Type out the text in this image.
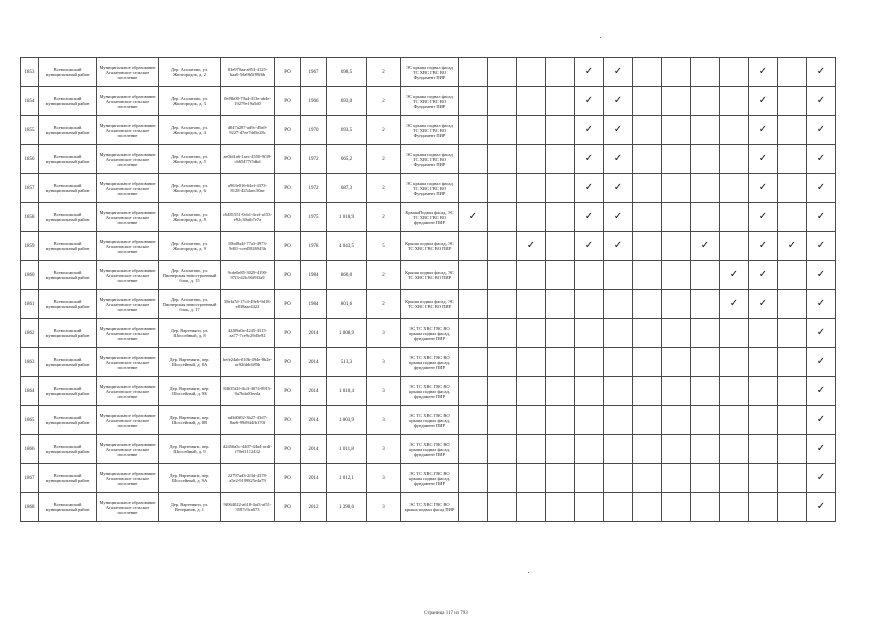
1853	Всеволожский муниципальный район	Муниципальное образование Агалатовское сельское поселение	Дер. Агалатово, ул. Жилгородок, д. 2	83e979aa-a853-4125-baa6-5da9b5f89f6b	РО	1967	698,5	2	ЭС крыша подвал фасад ТС ХВС ГВС ВО Фундамент ПИР					✓	✓					✓		✓
1854	Всеволожский муниципальный район	Муниципальное образование Агалатовское сельское поселение	Дер. Агалатово, ул. Жилгородок, д. 3	0ef9b00-79a4-413e-ab4e-19279e19a5d0	РО	1966	693,0	2	ЭС крыша подвал фасад ТС ХВС ГВС ВО Фундамент ПИР					✓	✓					✓		✓
1855	Всеволожский муниципальный район	Муниципальное образование Агалатовское сельское поселение	Дер. Агалатово, ул. Жилгородок, д. 4	d047a287-ad9c-49a9-9227-d7ee7dd5e28c	РО	1970	693,5	2	ЭС крыша подвал фасад ТС ХВС ГВС ВО Фундамент ПИР					✓	✓					✓		✓
1856	Всеволожский муниципальный район	Муниципальное образование Агалатовское сельское поселение	Дер. Агалатово, ул. Жилгородок, д. 5	ae0fd1a6-1aec-4550-9f39-cb65477f5dbd	РО	1972	665,2	2	ЭС крыша подвал фасад ТС ХВС ГВС ВО Фундамент ПИР					✓	✓					✓		✓
1857	Всеволожский муниципальный район	Муниципальное образование Агалатовское сельское поселение	Дер. Агалатово, ул. Жилгородок, д. 6	a963e016-64ef-4373-8128-4254aec50ae	РО	1972	687,3	2	ЭС крыша подвал фасад ТС ХВС ГВС ВО Фундамент ПИР					✓	✓					✓		✓
1858	Всеволожский муниципальный район	Муниципальное образование Агалатовское сельское поселение	Дер. Агалатово, ул. Жилгородок, д. 8	c6481551-0cb1-4cef-a153-e92c30afb7e7a	РО	1975	1 018,9	2	КрышаПодвал фасад, ЭС ТС ХВС ГВС ВО фундамент ПИР	✓				✓	✓					✓		✓
1859	Всеволожский муниципальный район	Муниципальное образование Агалатовское сельское поселение	Дер. Агалатово, ул. Жилгородок, д. 9	10bd9a4f-77a3-4973-9d01-cced5826943b	РО	1978	4 043,5	5	Крыша подвал фасад, ЭС ТС ХВС ГВС ВО ПИР			✓		✓	✓			✓		✓	✓	✓
1860	Всеволожский муниципальный район	Муниципальное образование Агалатовское сельское поселение	Дер. Агалатово, ул. Пионерская новостроенный блок, д. 15	9cde0e85-3029-4190-97f3-d2fc96f9f3a9	РО	1984	860,0	2	Крыша подвал фасад, ЭС ТС ХВС ГВС ВО ПИР										✓	✓		✓
1861	Всеволожский муниципальный район	Муниципальное образование Агалатовское сельское поселение	Дер. Агалатово, ул. Пионерская новостроенный блок, д. 17	58efa7d-17c4-49e6-9d18-e838aae4422	РО	1984	801,6	2	Крыша подвал фасад, ЭС ТС ХВС ГВС ВО ПИР										✓	✓		✓
1862	Всеволожский муниципальный район	Муниципальное образование Агалатовское сельское поселение	Дер. Вартемяги, ул. Шоссейный, д. 8	42f09a0a-4245-4315-aa77-7ce9c29d5e92	РО	2014	1 008,9	3	ЭС ТС ХВС ГВС ВО крыша подвал фасад, фундамент ПИР													✓
1863	Всеволожский муниципальный район	Муниципальное образование Агалатовское сельское поселение	Дер. Вартемяги, пер. Шоссейный, д. 8А	befe24ab-010b-494e-8b2e-ac92fddc685b	РО	2014	513,3	3	ЭС ТС ХВС ГВС ВО крыша подвал фасад, фундамент ПИР													✓
1864	Всеволожский муниципальный район	Муниципальное образование Агалатовское сельское поселение	Дер. Вартемяги, пер. Шоссейный, д. 8Б	84635f2f-ffcff-4074-8915-9a7bda03eeda	РО	2014	1 010,4	3	ЭС ТС ХВС ГВС ВО крыша подвал фасад, фундамент ПИР													✓
1865	Всеволожский муниципальный район	Муниципальное образование Агалатовское сельское поселение	Дер. Вартемяги, пер. Шоссейный, д. 8В	ad3d0f02-3b27-43d7-8ae6-99d944fb170f	РО	2014	1 003,9	3	ЭС ТС ХВС ГВС ВО крыша подвал фасад, фундамент ПИР													✓
1866	Всеволожский муниципальный район	Муниципальное образование Агалатовское сельское поселение	Дер. Вартемяги, пер. Шоссейный, д. 9	d2456a5c-4407-44a4-acdf-f70ef1112432	РО	2014	1 011,8	3	ЭС ТС ХВС ГВС ВО крыша подвал фасад, фундамент ПИР													✓
1867	Всеволожский муниципальный район	Муниципальное образование Агалатовское сельское поселение	Дер. Вартемяги, пер. Шоссейный, д. 9А	22797ad3-2f3d-4378-a5e2-9199825e4a79	РО	2014	1 012,1	3	ЭС ТС ХВС ГВС ВО крыша подвал фасад, фундамент ПИР													✓
1868	Всеволожский муниципальный район	Муниципальное образование Агалатовское сельское поселение	Дер. Вартемяги, ул. Ветеранов, д. 1	9f064022-a618-4af3-af51-3587c9ca073	РО	2012	1 390,6	3	ЭС ТС ХВС ГВС ВО крыша подвал фасад ПИР													✓
Страница 117 из 793
